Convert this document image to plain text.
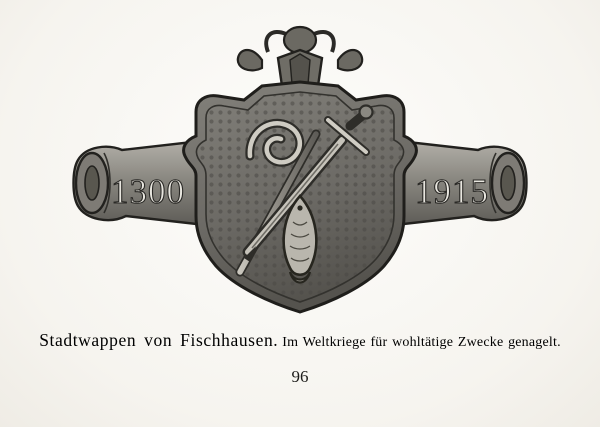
1300	1915
Stadtwappen von Fischhausen. Im Weltkriege für wohltätige Zwecke genagelt.
96
